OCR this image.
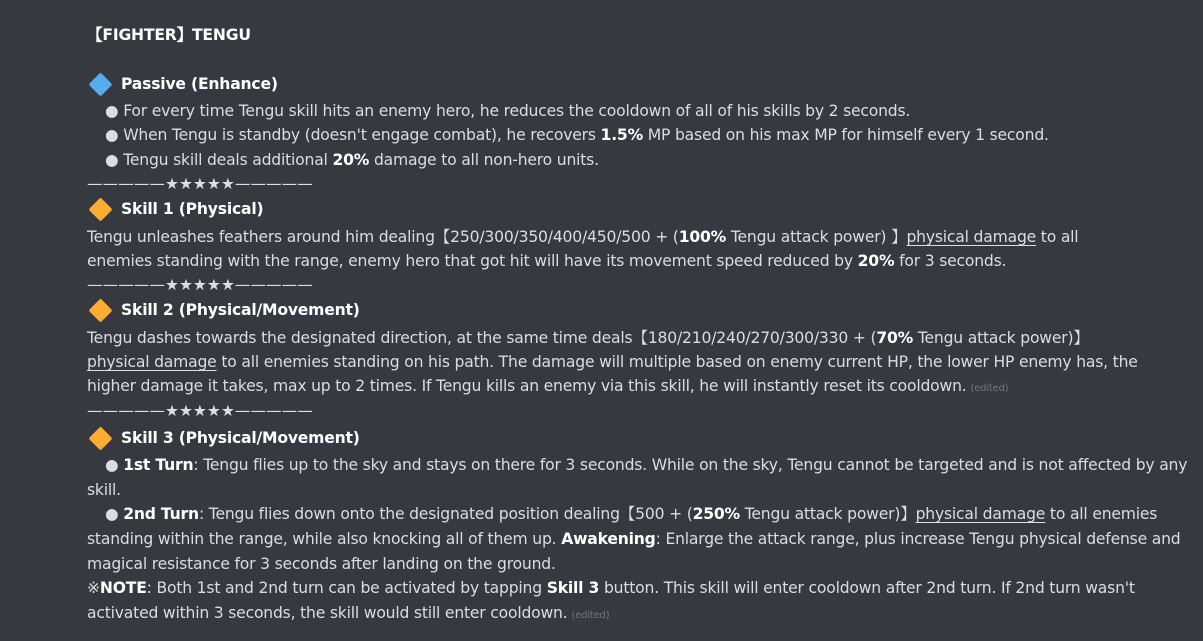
【FIGHTER】TENGU
Passive (Enhance)
● For every time Tengu skill hits an enemy hero, he reduces the cooldown of all of his skills by 2 seconds.
● When Tengu is standby (doesn't engage combat), he recovers 1.5% MP based on his max MP for himself every 1 second.
● Tengu skill deals additional 20% damage to all non-hero units.
—————★★★★★—————
Skill 1 (Physical)
Tengu unleashes feathers around him dealing【250/300/350/400/450/500 + (100% Tengu attack power) 】physical damage to all
enemies standing with the range, enemy hero that got hit will have its movement speed reduced by 20% for 3 seconds.
—————★★★★★—————
Skill 2 (Physical/Movement)
Tengu dashes towards the designated direction, at the same time deals【180/210/240/270/300/330 + (70% Tengu attack power)】
physical damage to all enemies standing on his path. The damage will multiple based on enemy current HP, the lower HP enemy has, the
higher damage it takes, max up to 2 times. If Tengu kills an enemy via this skill, he will instantly reset its cooldown. (edited)
—————★★★★★—————
Skill 3 (Physical/Movement)
● 1st Turn: Tengu flies up to the sky and stays on there for 3 seconds. While on the sky, Tengu cannot be targeted and is not affected by any
skill.
● 2nd Turn: Tengu flies down onto the designated position dealing【500 + (250% Tengu attack power)】physical damage to all enemies
standing within the range, while also knocking all of them up. Awakening: Enlarge the attack range, plus increase Tengu physical defense and
magical resistance for 3 seconds after landing on the ground.
※NOTE: Both 1st and 2nd turn can be activated by tapping Skill 3 button. This skill will enter cooldown after 2nd turn. If 2nd turn wasn't
activated within 3 seconds, the skill would still enter cooldown. (edited)
